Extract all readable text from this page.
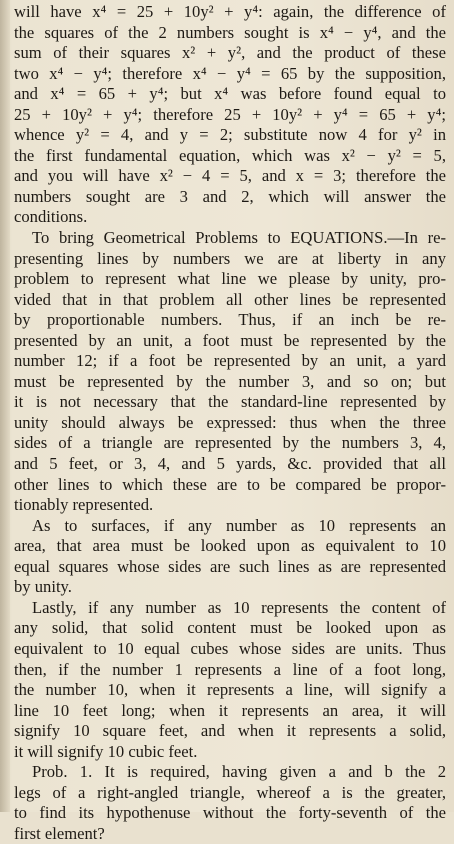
will have x⁴ = 25 + 10y² + y⁴: again, the difference of
the squares of the 2 numbers sought is x⁴ − y⁴, and the
sum of their squares x² + y², and the product of these
two x⁴ − y⁴; therefore x⁴ − y⁴ = 65 by the supposition,
and x⁴ = 65 + y⁴; but x⁴ was before found equal to
25 + 10y² + y⁴; therefore 25 + 10y² + y⁴ = 65 + y⁴;
whence y² = 4, and y = 2; substitute now 4 for y² in
the first fundamental equation, which was x² − y² = 5,
and you will have x² − 4 = 5, and x = 3; therefore the
numbers sought are 3 and 2, which will answer the
conditions.
To bring Geometrical Problems to EQUATIONS.—In re-
presenting lines by numbers we are at liberty in any
problem to represent what line we please by unity, pro-
vided that in that problem all other lines be represented
by proportionable numbers. Thus, if an inch be re-
presented by an unit, a foot must be represented by the
number 12; if a foot be represented by an unit, a yard
must be represented by the number 3, and so on; but
it is not necessary that the standard-line represented by
unity should always be expressed: thus when the three
sides of a triangle are represented by the numbers 3, 4,
and 5 feet, or 3, 4, and 5 yards, &c. provided that all
other lines to which these are to be compared be propor-
tionably represented.
As to surfaces, if any number as 10 represents an
area, that area must be looked upon as equivalent to 10
equal squares whose sides are such lines as are represented
by unity.
Lastly, if any number as 10 represents the content of
any solid, that solid content must be looked upon as
equivalent to 10 equal cubes whose sides are units. Thus
then, if the number 1 represents a line of a foot long,
the number 10, when it represents a line, will signify a
line 10 feet long; when it represents an area, it will
signify 10 square feet, and when it represents a solid,
it will signify 10 cubic feet.
Prob. 1. It is required, having given a and b the 2
legs of a right-angled triangle, whereof a is the greater,
to find its hypothenuse without the forty-seventh of the
first element?
